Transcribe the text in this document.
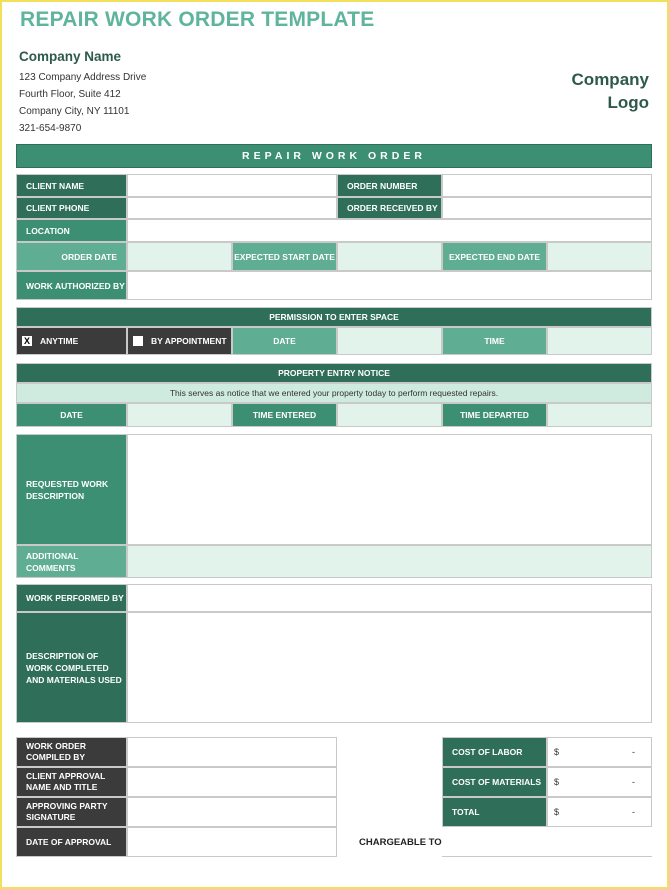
REPAIR WORK ORDER TEMPLATE
Company Name
123 Company Address Drive
Fourth Floor, Suite 412
Company City, NY 11101
321-654-9870
Company
Logo
REPAIR WORK ORDER
CLIENT NAME	ORDER NUMBER
CLIENT PHONE	ORDER RECEIVED BY
LOCATION
ORDER DATE	EXPECTED START DATE	EXPECTED END DATE
WORK AUTHORIZED BY
PERMISSION TO ENTER SPACE
X ANYTIME	BY APPOINTMENT	DATE	TIME
PROPERTY ENTRY NOTICE
This serves as notice that we entered your property today to perform requested repairs.
DATE	TIME ENTERED	TIME DEPARTED
REQUESTED WORK
DESCRIPTION
ADDITIONAL
COMMENTS
WORK PERFORMED BY
DESCRIPTION OF
WORK COMPLETED
AND MATERIALS USED
WORK ORDER
COMPILED BY
CLIENT APPROVAL
NAME AND TITLE
APPROVING PARTY
SIGNATURE
DATE OF APPROVAL
COST OF LABOR	$	-
COST OF MATERIALS	$	-
TOTAL	$	-
CHARGEABLE TO
